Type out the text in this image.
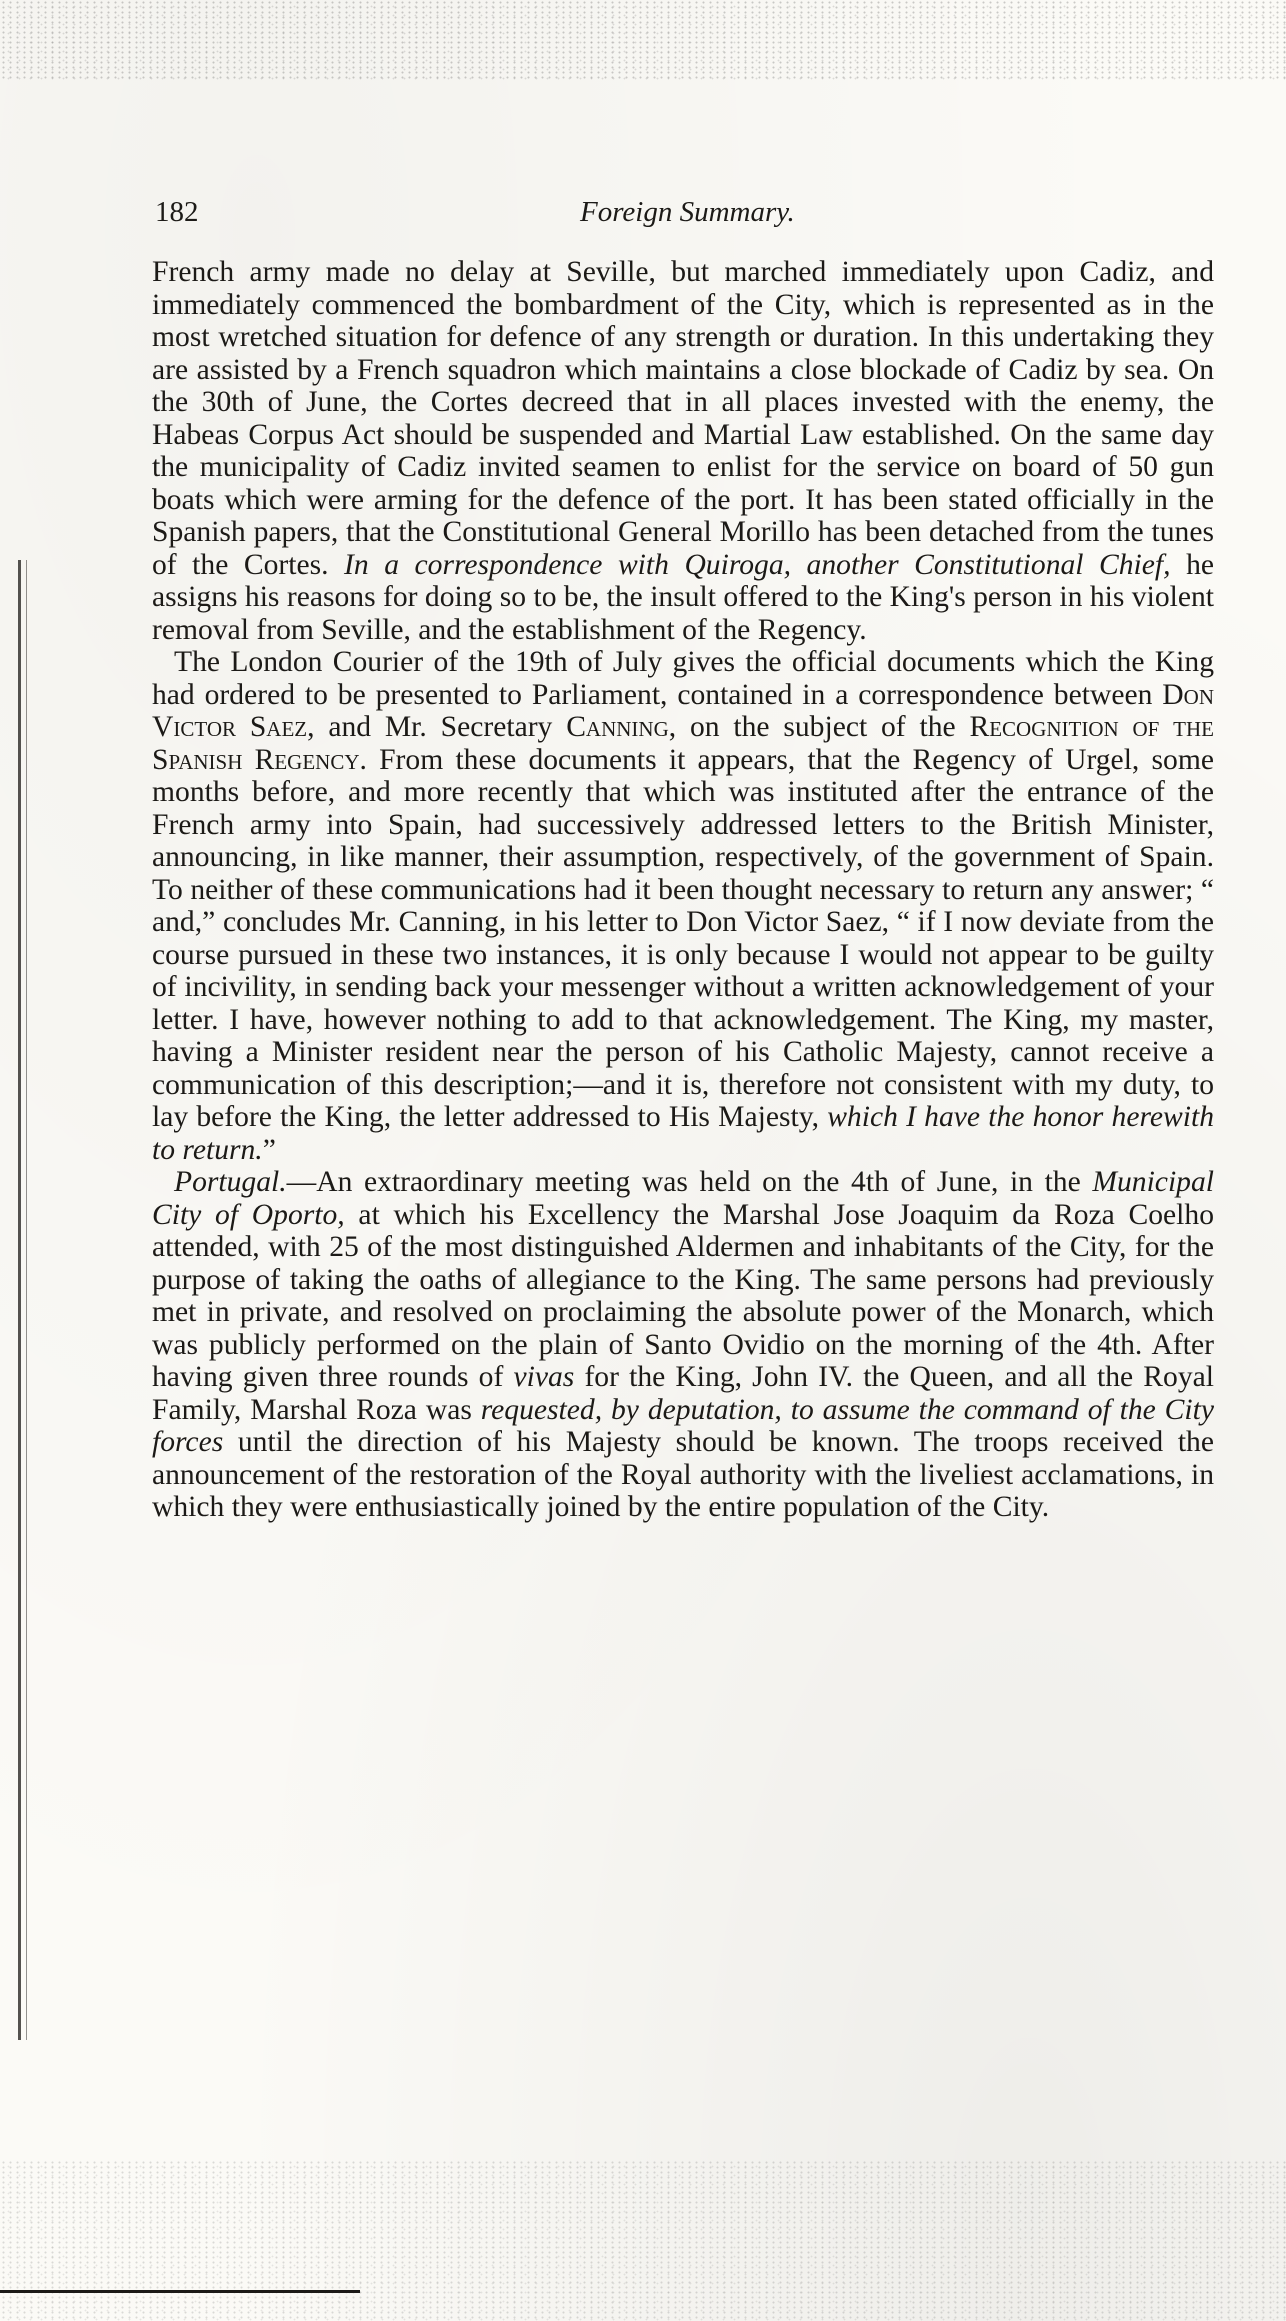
182	Foreign Summary.

French army made no delay at Seville, but marched immediately upon Cadiz, and immediately commenced the bombardment of the City, which is represented as in the most wretched situation for defence of any strength or duration. In this undertaking they are assisted by a French squadron which maintains a close blockade of Cadiz by sea. On the 30th of June, the Cortes decreed that in all places invested with the enemy, the Habeas Corpus Act should be suspended and Martial Law established. On the same day the municipality of Cadiz invited seamen to enlist for the service on board of 50 gun boats which were arming for the defence of the port. It has been stated officially in the Spanish papers, that the Constitutional General Morillo has been detached from the tunes of the Cortes. In a correspondence with Quiroga, another Constitutional Chief, he assigns his reasons for doing so to be, the insult offered to the King's person in his violent removal from Seville, and the establishment of the Regency.

The London Courier of the 19th of July gives the official documents which the King had ordered to be presented to Parliament, contained in a correspondence between Don Victor Saez, and Mr. Secretary Canning, on the subject of the Recognition of the Spanish Regency. From these documents it appears, that the Regency of Urgel, some months before, and more recently that which was instituted after the entrance of the French army into Spain, had successively addressed letters to the British Minister, announcing, in like manner, their assumption, respectively, of the government of Spain. To neither of these communications had it been thought necessary to return any answer; “ and,” concludes Mr. Canning, in his letter to Don Victor Saez, “ if I now deviate from the course pursued in these two instances, it is only because I would not appear to be guilty of incivility, in sending back your messenger without a written acknowledgement of your letter. I have, however nothing to add to that acknowledgement. The King, my master, having a Minister resident near the person of his Catholic Majesty, cannot receive a communication of this description;—and it is, therefore not consistent with my duty, to lay before the King, the letter addressed to His Majesty, which I have the honor herewith to return.”

Portugal.—An extraordinary meeting was held on the 4th of June, in the Municipal City of Oporto, at which his Excellency the Marshal Jose Joaquim da Roza Coelho attended, with 25 of the most distinguished Aldermen and inhabitants of the City, for the purpose of taking the oaths of allegiance to the King. The same persons had previously met in private, and resolved on proclaiming the absolute power of the Monarch, which was publicly performed on the plain of Santo Ovidio on the morning of the 4th. After having given three rounds of vivas for the King, John IV. the Queen, and all the Royal Family, Marshal Roza was requested, by deputation, to assume the command of the City forces until the direction of his Majesty should be known. The troops received the announcement of the restoration of the Royal authority with the liveliest acclamations, in which they were enthusiastically joined by the entire population of the City.
